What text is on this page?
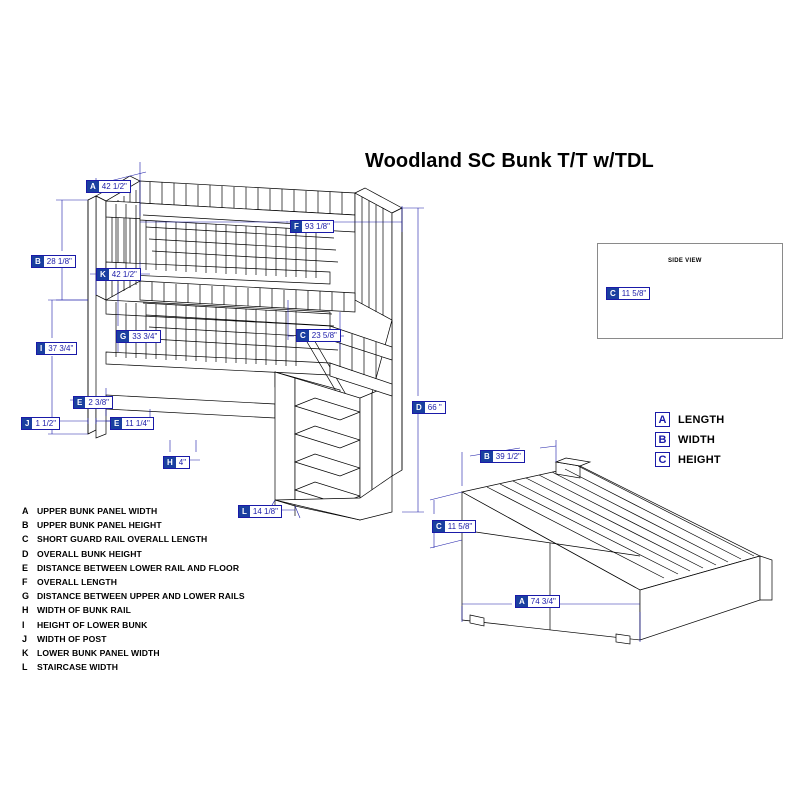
Woodland SC Bunk T/T w/TDL
SIDE VIEW
A 42 1/2"
F 93 1/8"
B 28 1/8"
K 42 1/2"
G 33 3/4"	C 23 5/8"
I 37 3/4"
D 66 "
E 2 3/8"
J 1 1/2"	E 11 1/4"
H 4"
L 14 1/8"
B 39 1/2"
C 11 5/8"
A 74 3/4"
C 11 5/8"
A UPPER BUNK PANEL WIDTH
B UPPER BUNK PANEL HEIGHT
C SHORT GUARD RAIL OVERALL LENGTH
D OVERALL BUNK HEIGHT
E	DISTANCE BETWEEN LOWER RAIL AND FLOOR
F	OVERALL LENGTH
G DISTANCE BETWEEN UPPER AND LOWER RAILS
H WIDTH OF BUNK RAIL
I	HEIGHT OF LOWER BUNK
J	WIDTH OF POST
K LOWER BUNK PANEL WIDTH
L	STAIRCASE WIDTH
A	LENGTH
B	WIDTH
C	HEIGHT
